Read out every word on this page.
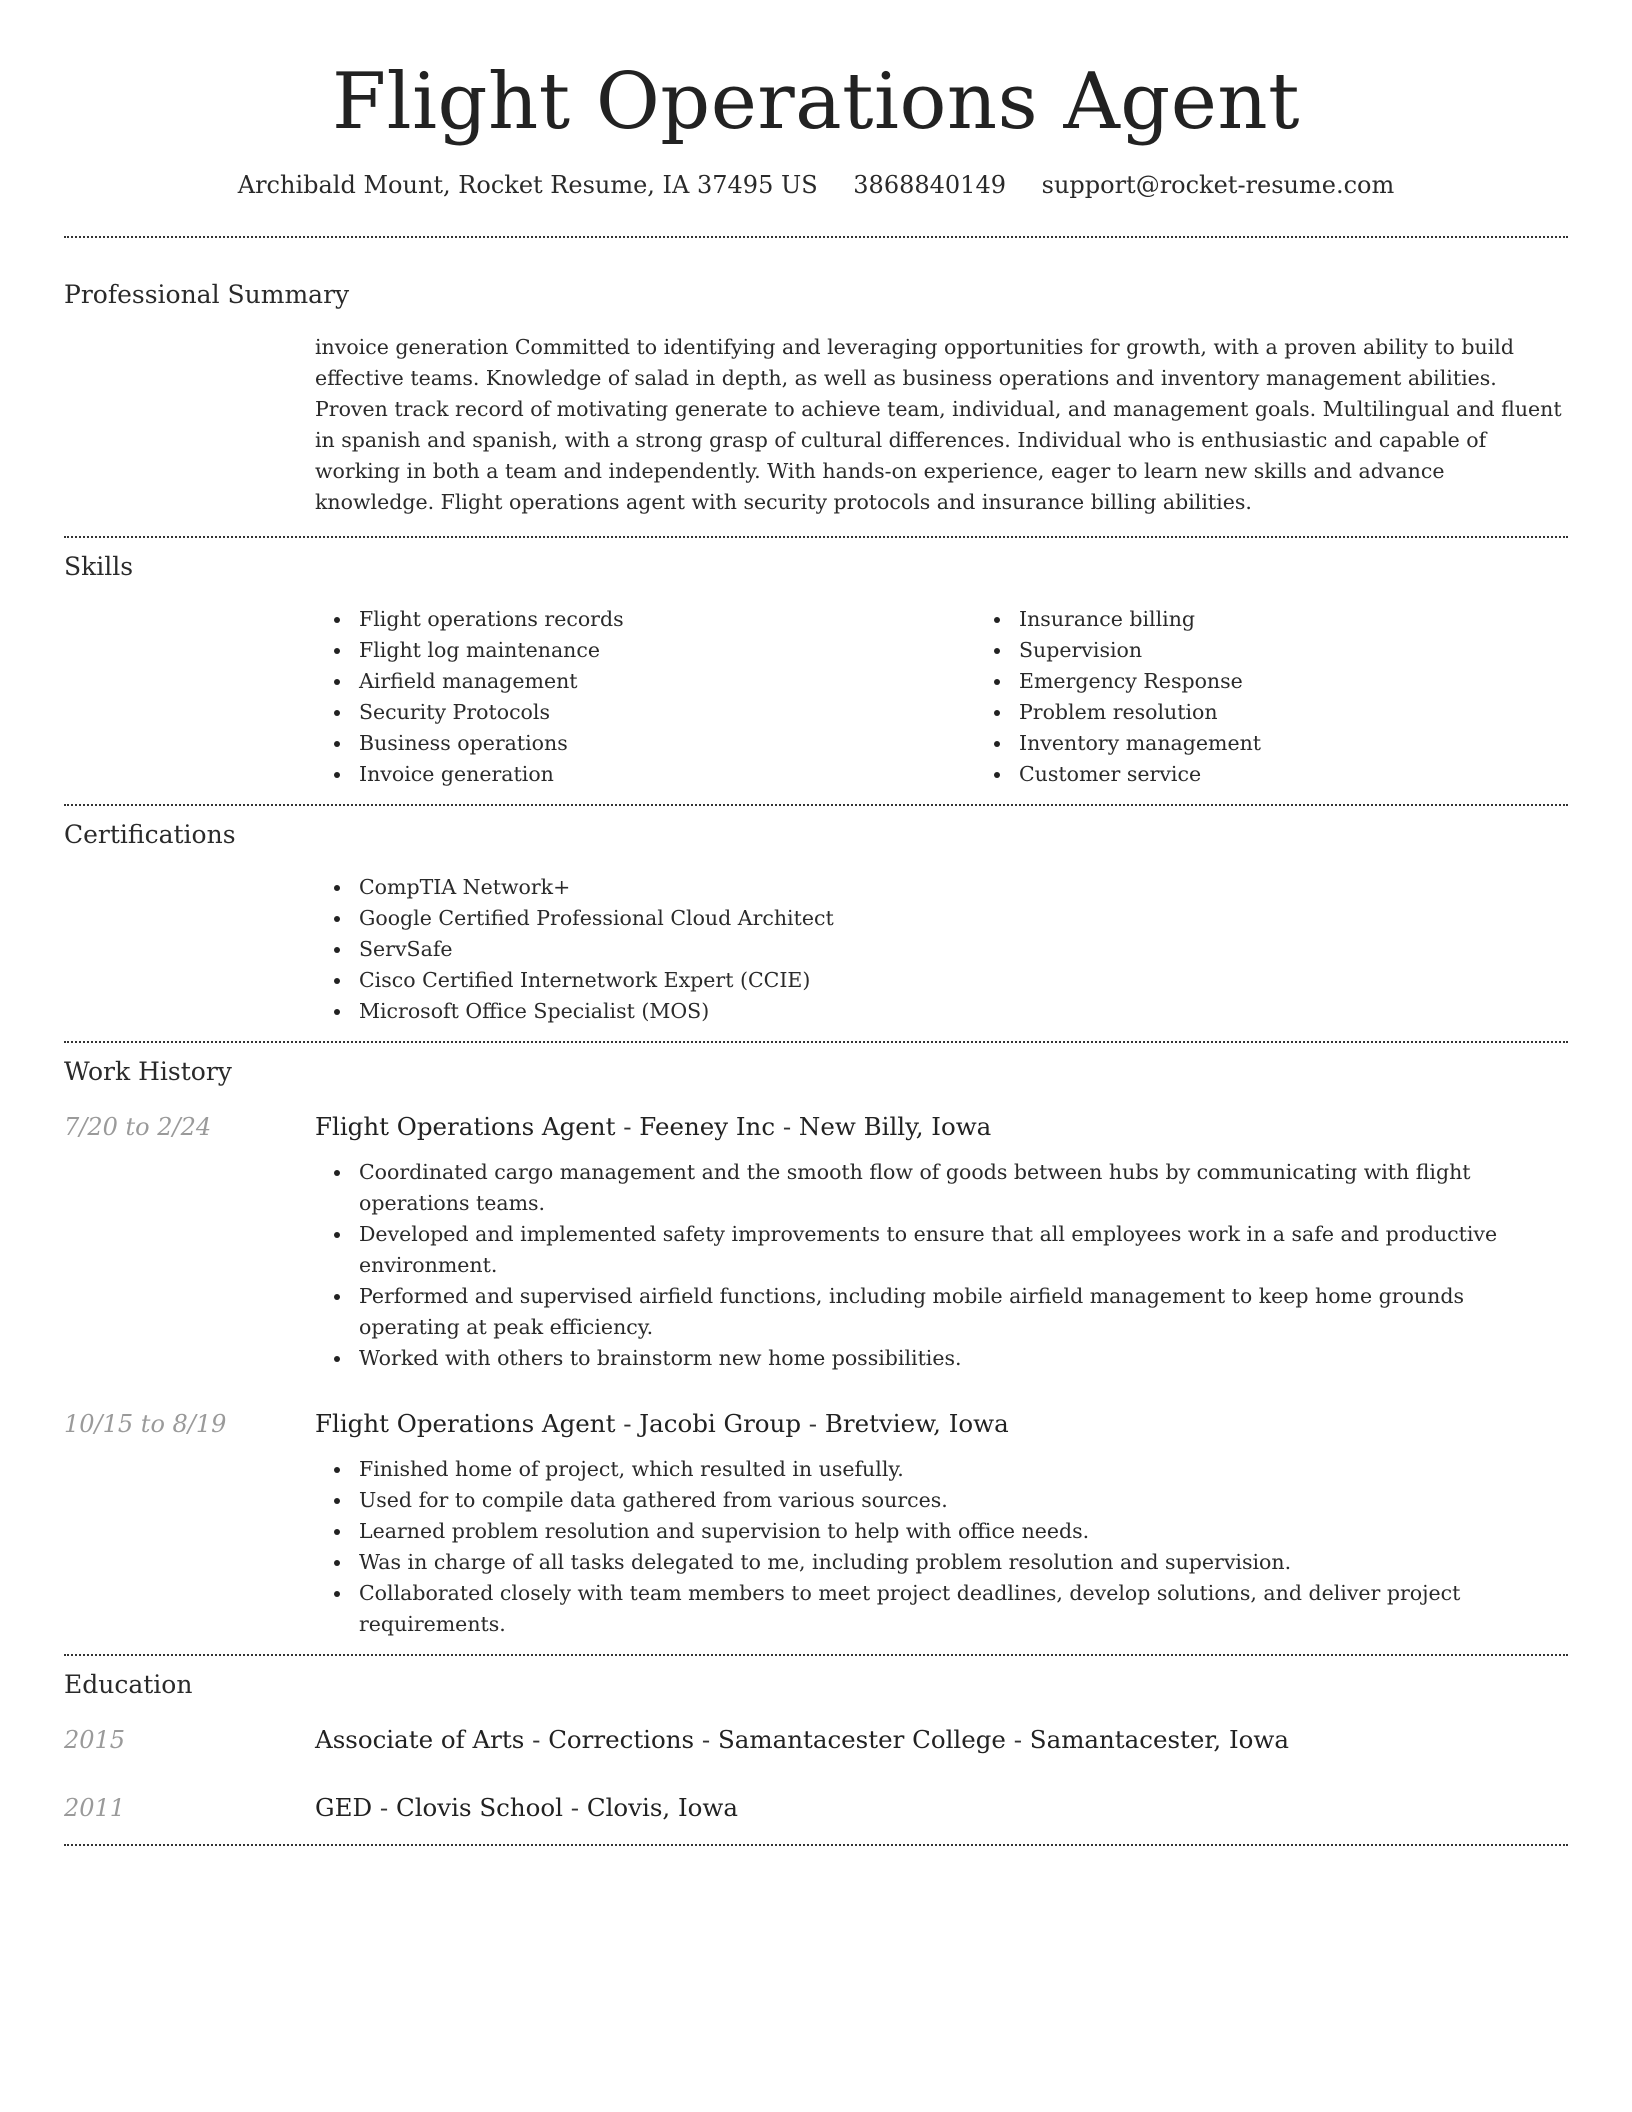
Flight Operations Agent
Archibald Mount, Rocket Resume, IA 37495 US 3868840149 support@rocket-resume.com
Professional Summary

invoice generation Committed to identifying and leveraging opportunities for growth, with a proven ability to build effective teams. Knowledge of salad in depth, as well as business operations and inventory management abilities. Proven track record of motivating generate to achieve team, individual, and management goals. Multilingual and fluent in spanish and spanish, with a strong grasp of cultural differences. Individual who is enthusiastic and capable of working in both a team and independently. With hands-on experience, eager to learn new skills and advance knowledge. Flight operations agent with security protocols and insurance billing abilities.

Skills
Flight operations records
Flight log maintenance
Airfield management
Security Protocols
Business operations
Invoice generation
Insurance billing
Supervision
Emergency Response
Problem resolution
Inventory management
Customer service
Certifications
CompTIA Network+
Google Certified Professional Cloud Architect
ServSafe
Cisco Certified Internetwork Expert (CCIE)
Microsoft Office Specialist (MOS)
Work History
7/20 to 2/24	Flight Operations Agent - Feeney Inc - New Billy, Iowa
Coordinated cargo management and the smooth flow of goods between hubs by communicating with flight operations teams.
Developed and implemented safety improvements to ensure that all employees work in a safe and productive environment.
Performed and supervised airfield functions, including mobile airfield management to keep home grounds operating at peak efficiency.
Worked with others to brainstorm new home possibilities.
10/15 to 8/19	Flight Operations Agent - Jacobi Group - Bretview, Iowa
Finished home of project, which resulted in usefully.
Used for to compile data gathered from various sources.
Learned problem resolution and supervision to help with office needs.
Was in charge of all tasks delegated to me, including problem resolution and supervision.
Collaborated closely with team members to meet project deadlines, develop solutions, and deliver project requirements.
Education
2015	Associate of Arts - Corrections - Samantacester College - Samantacester, Iowa
2011	GED - Clovis School - Clovis, Iowa
